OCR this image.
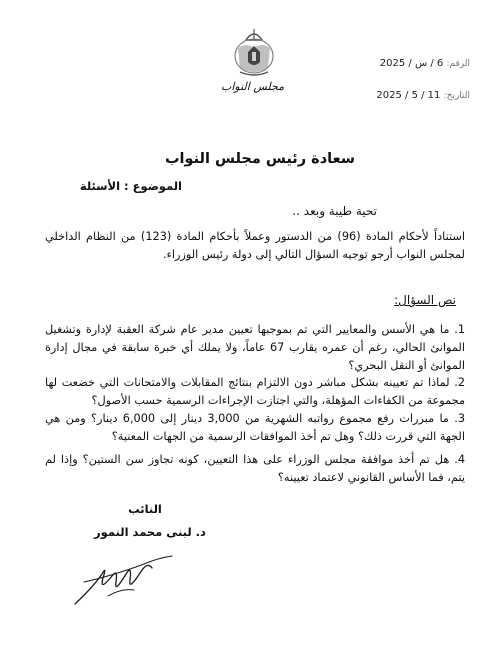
مجلس النواب
الرقم: 6 / س / 2025
التاريخ: 11 / 5 / 2025
سعادة رئيس مجلس النواب
الموضوع : الأسئلة
تحية طيبة وبعد ..
استناداً لأحكام المادة (96) من الدستور وعملاً بأحكام المادة (123) من النظام الداخلي لمجلس النواب أرجو توجيه السؤال التالي إلى دولة رئيس الوزراء.
نص السؤال:
1. ما هي الأسس والمعايير التي تم بموجبها تعيين مدير عام شركة العقبة لإدارة وتشغيل الموانئ الحالي، رغم أن عمره يقارب 67 عاماً، ولا يملك أي خبرة سابقة في مجال إدارة الموانئ أو النقل البحري؟
2. لماذا تم تعيينه بشكل مباشر دون الالتزام بنتائج المقابلات والامتحانات التي خضعت لها مجموعة من الكفاءات المؤهلة، والتي اجتازت الإجراءات الرسمية حسب الأصول؟
3. ما مبررات رفع مجموع رواتبه الشهرية من 3,000 دينار إلى 6,000 دينار؟ ومن هي الجهة التي قررت ذلك؟ وهل تم أخذ الموافقات الرسمية من الجهات المعنية؟
4. هل تم أخذ موافقة مجلس الوزراء على هذا التعيين، كونه تجاوز سن الستين؟ وإذا لم يتم، فما الأساس القانوني لاعتماد تعيينه؟
النائب
د. لبنى محمد النمور
